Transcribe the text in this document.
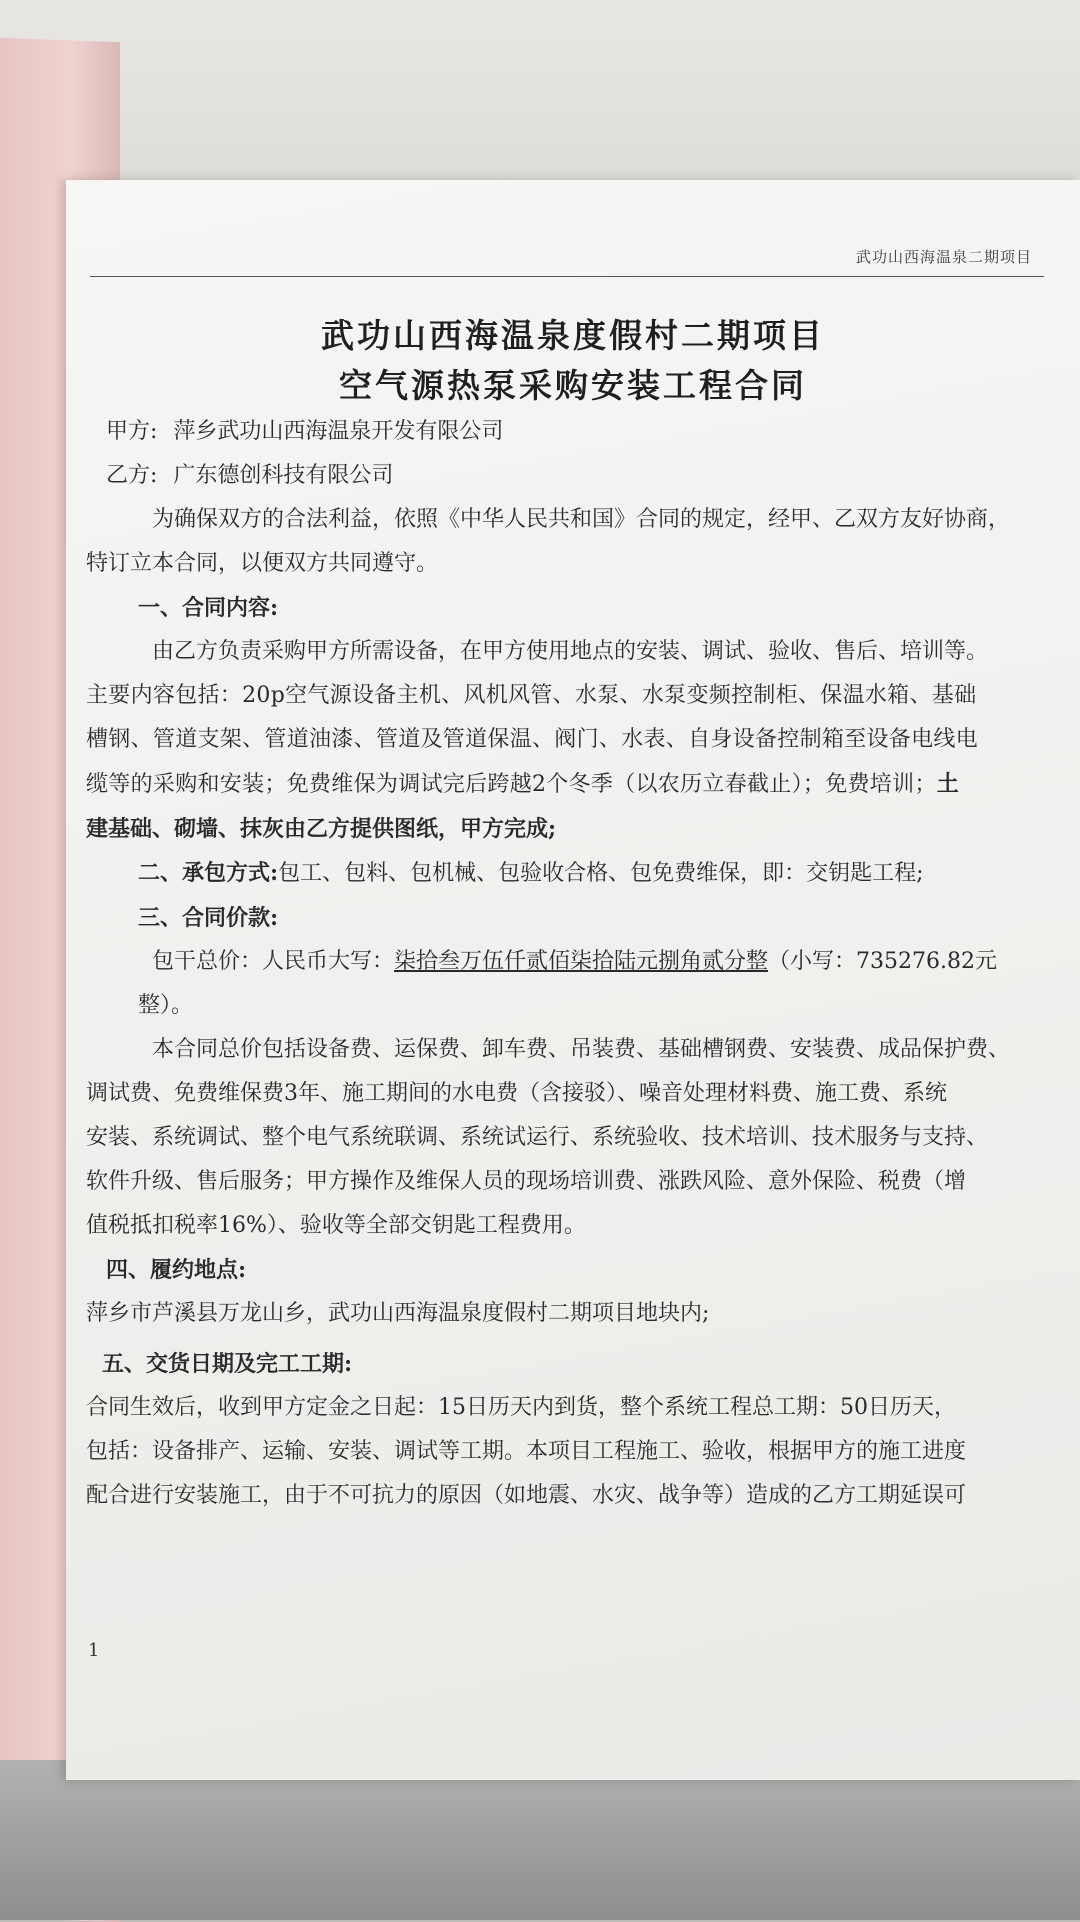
武功山西海温泉二期项目
武功山西海温泉度假村二期项目
空气源热泵采购安装工程合同

甲方: 萍乡武功山西海温泉开发有限公司

乙方: 广东德创科技有限公司

为确保双方的合法利益，依照《中华人民共和国》合同的规定，经甲、乙双方友好协商，

特订立本合同，以便双方共同遵守。

一、合同内容:

由乙方负责采购甲方所需设备，在甲方使用地点的安装、调试、验收、售后、培训等。

主要内容包括：20p空气源设备主机、风机风管、水泵、水泵变频控制柜、保温水箱、基础

槽钢、管道支架、管道油漆、管道及管道保温、阀门、水表、自身设备控制箱至设备电线电

缆等的采购和安装；免费维保为调试完后跨越2个冬季（以农历立春截止）；免费培训；土

建基础、砌墙、抹灰由乙方提供图纸，甲方完成;

二、承包方式:包工、包料、包机械、包验收合格、包免费维保，即：交钥匙工程;

三、合同价款:

包干总价：人民币大写：柒拾叁万伍仟贰佰柒拾陆元捌角贰分整（小写：735276.82元

整）。

本合同总价包括设备费、运保费、卸车费、吊装费、基础槽钢费、安装费、成品保护费、

调试费、免费维保费3年、施工期间的水电费（含接驳）、噪音处理材料费、施工费、系统

安装、系统调试、整个电气系统联调、系统试运行、系统验收、技术培训、技术服务与支持、

软件升级、售后服务；甲方操作及维保人员的现场培训费、涨跌风险、意外保险、税费（增

值税抵扣税率16%）、验收等全部交钥匙工程费用。

四、履约地点:

萍乡市芦溪县万龙山乡，武功山西海温泉度假村二期项目地块内;

五、交货日期及完工工期:

合同生效后，收到甲方定金之日起：15日历天内到货，整个系统工程总工期：50日历天，

包括：设备排产、运输、安装、调试等工期。本项目工程施工、验收，根据甲方的施工进度

配合进行安装施工，由于不可抗力的原因（如地震、水灾、战争等）造成的乙方工期延误可

1
